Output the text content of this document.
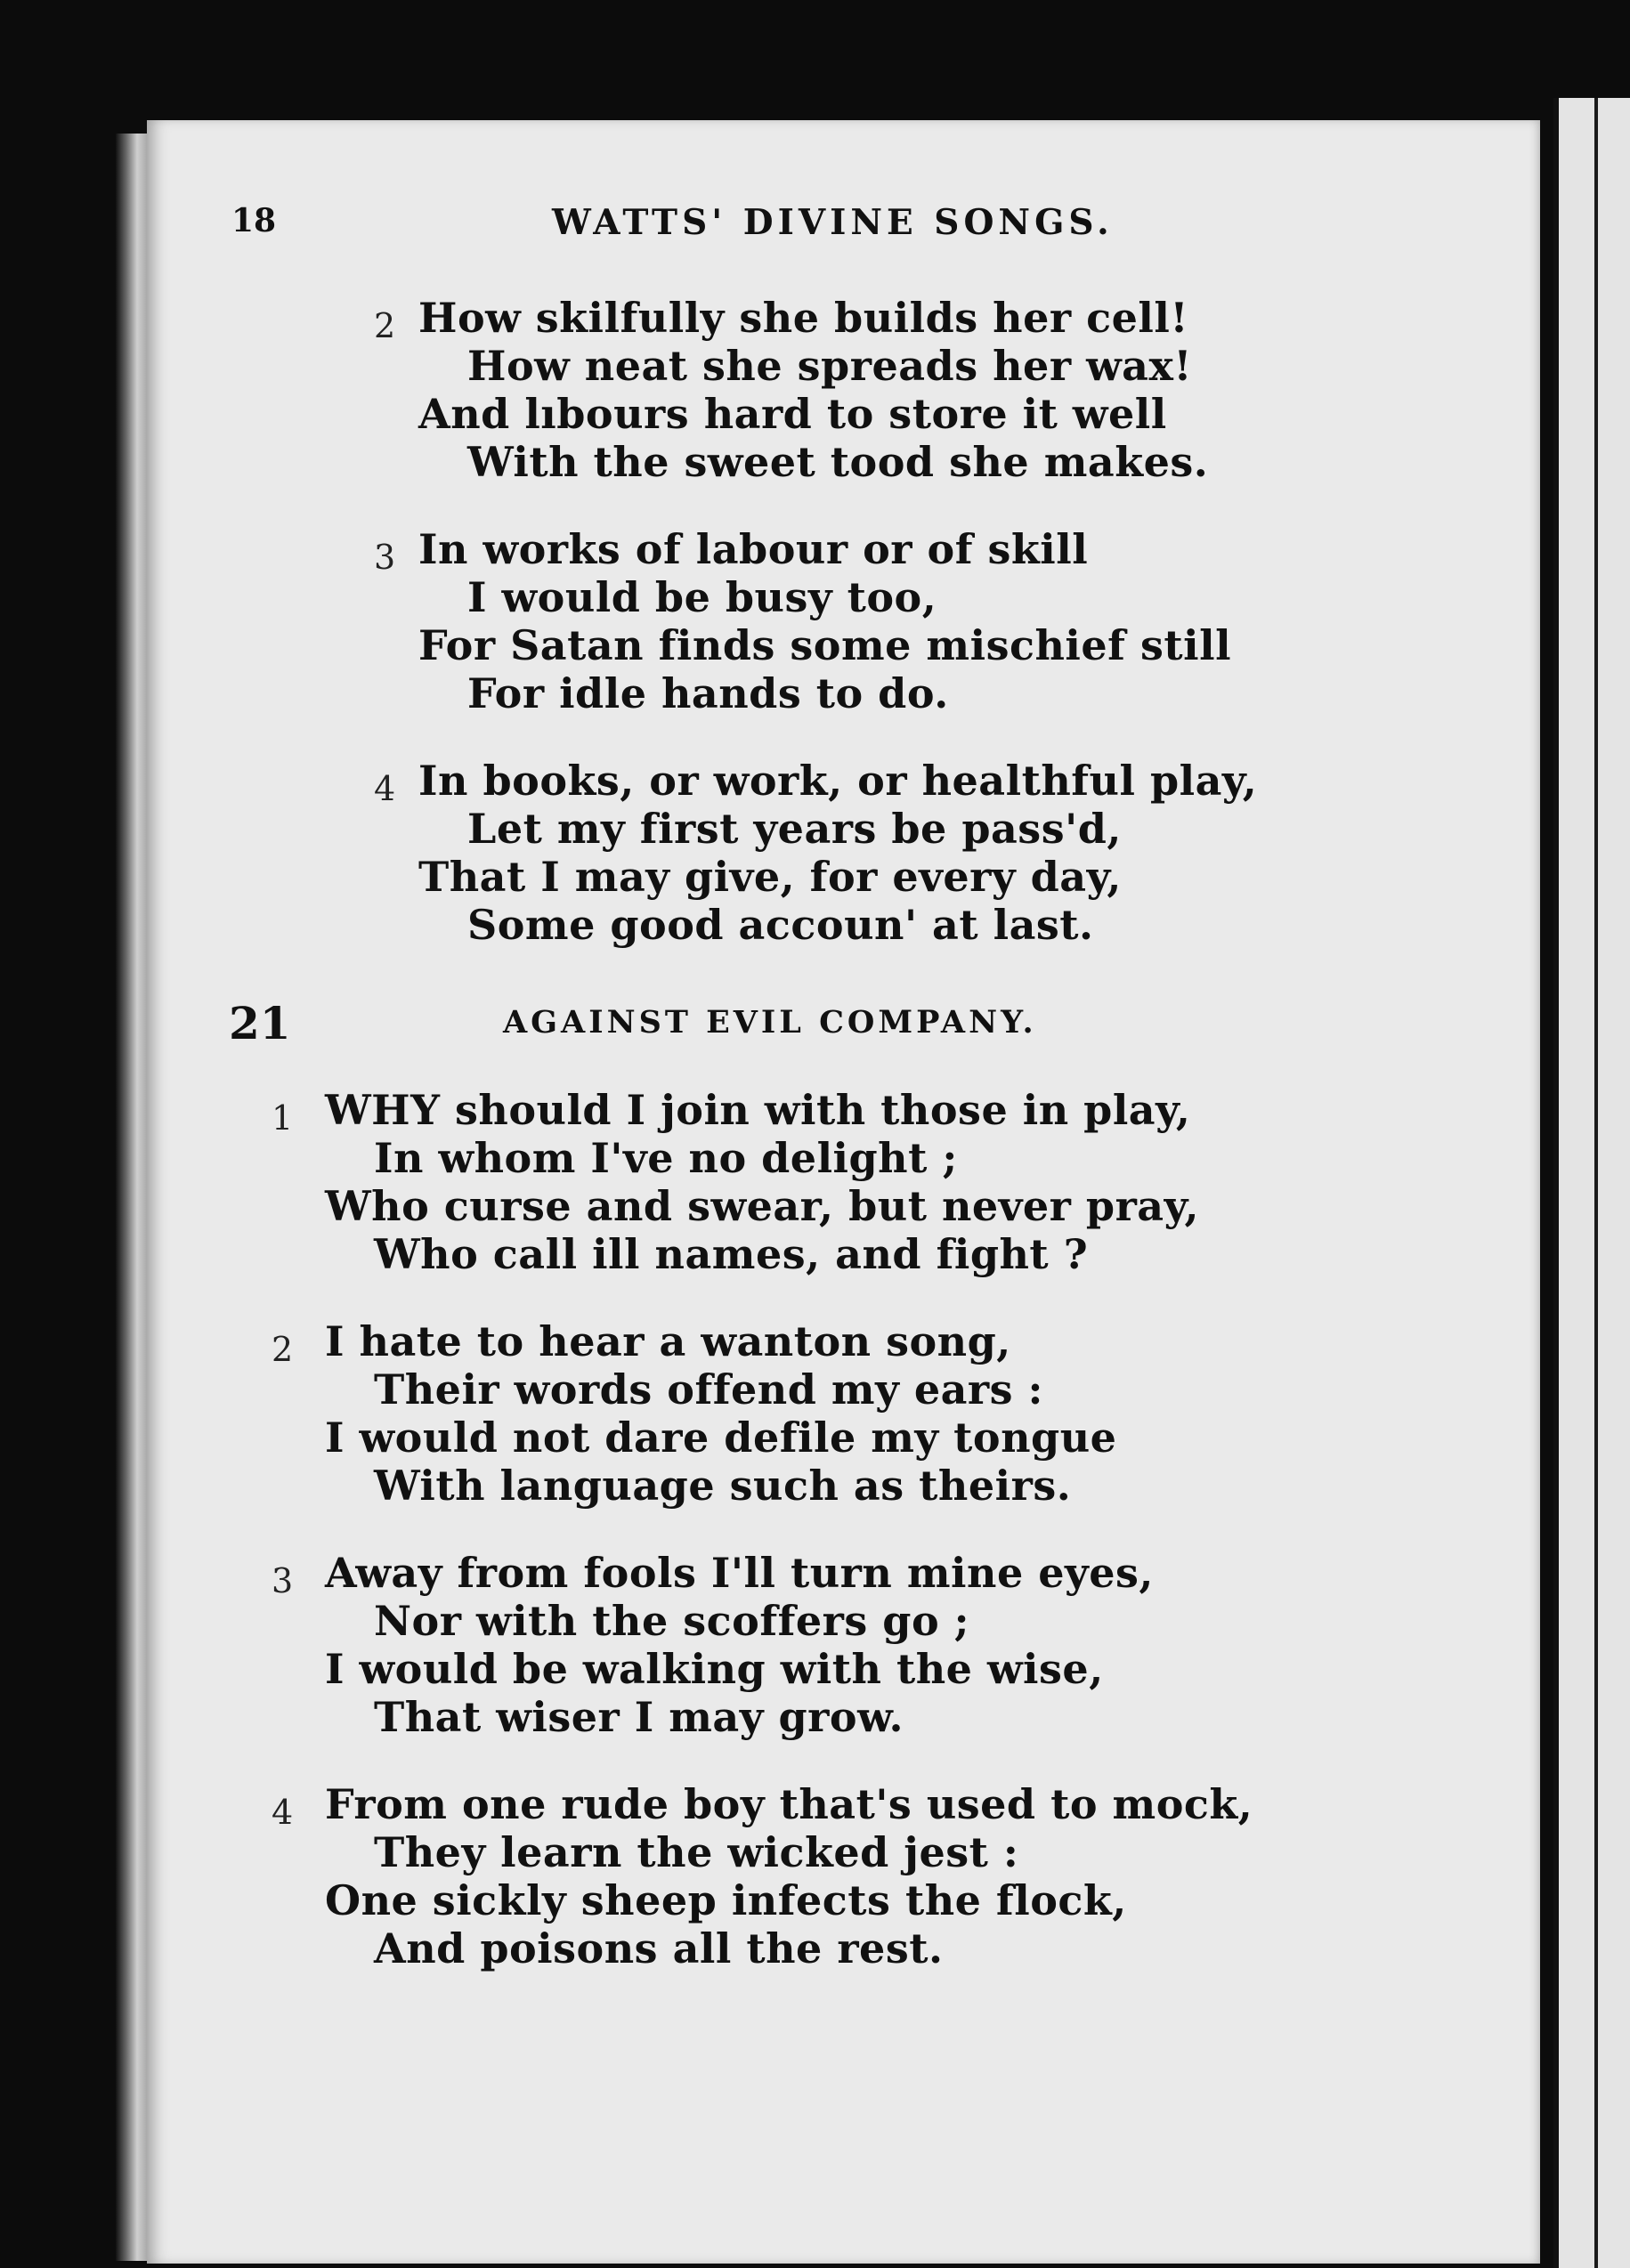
18	WATTS' DIVINE SONGS.
2 How skilfully she builds her cell!
How neat she spreads her wax!
And lıbours hard to store it well
With the sweet tood she makes.
3 In works of labour or of skill
I would be busy too,
For Satan finds some mischief still
For idle hands to do.
4 In books, or work, or healthful play,
Let my first years be pass'd,
That I may give, for every day,
Some good accoun' at last.
21	AGAINST EVIL COMPANY.
1 WHY should I join with those in play,
In whom I've no delight ;
Who curse and swear, but never pray,
Who call ill names, and fight ?
2 I hate to hear a wanton song,
Their words offend my ears :
I would not dare defile my tongue
With language such as theirs.
3 Away from fools I'll turn mine eyes,
Nor with the scoffers go ;
I would be walking with the wise,
That wiser I may grow.
4 From one rude boy that's used to mock,
They learn the wicked jest :
One sickly sheep infects the flock,
And poisons all the rest.
